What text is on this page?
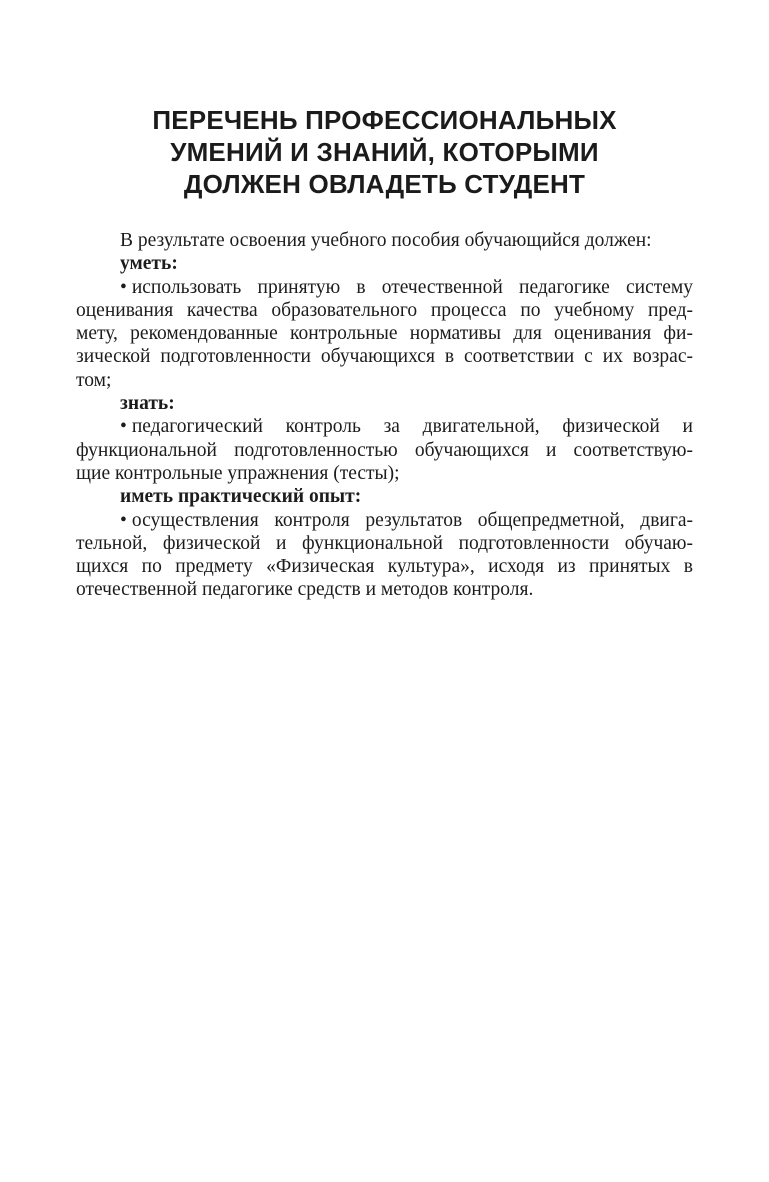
ПЕРЕЧЕНЬ ПРОФЕССИОНАЛЬНЫХ
УМЕНИЙ И ЗНАНИЙ, КОТОРЫМИ
ДОЛЖЕН ОВЛАДЕТЬ СТУДЕНТ
В результате освоения учебного пособия обучающийся должен:
уметь:
• использовать принятую в отечественной педагогике систему
оценивания качества образовательного процесса по учебному пред-
мету, рекомендованные контрольные нормативы для оценивания фи-
зической подготовленности обучающихся в соответствии с их возрас-
том;
знать:
• педагогический контроль за двигательной, физической и
функциональной подготовленностью обучающихся и соответствую-
щие контрольные упражнения (тесты);
иметь практический опыт:
• осуществления контроля результатов общепредметной, двига-
тельной, физической и функциональной подготовленности обучаю-
щихся по предмету «Физическая культура», исходя из принятых в
отечественной педагогике средств и методов контроля.
